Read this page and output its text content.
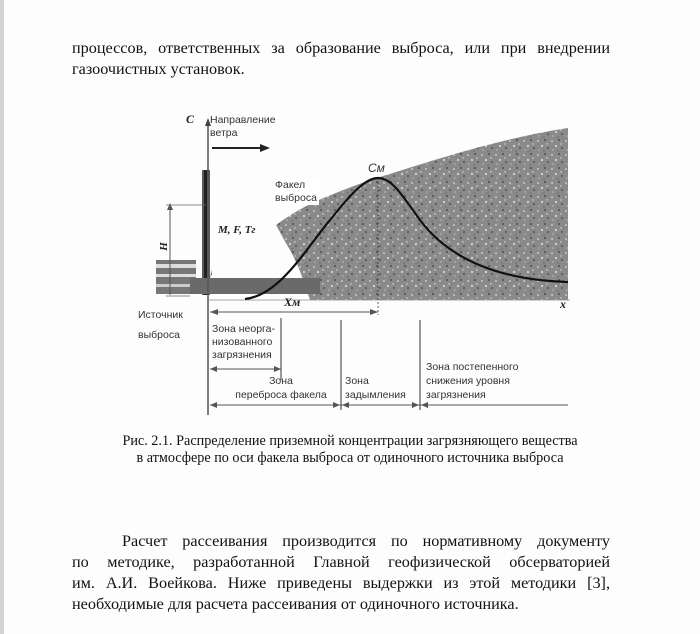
процессов, ответственных за образование выброса, или при внедрении
газоочистных установок.
C Направление
ветра
Факел
выброса
M, F, Tг
Cм
Xм
H
x
Источник
выброса	Зона неорга-
низованного
загрязнения
Зона
переброса факела
Зона
задымления
Зона постепенного
снижения уровня
загрязнения
Рис. 2.1. Распределение приземной концентрации загрязняющего вещества
в атмосфере по оси факела выброса от одиночного источника выброса
Расчет рассеивания производится по нормативному документу
по методике, разработанной Главной геофизической обсерваторией
им. А.И. Воейкова. Ниже приведены выдержки из этой методики [3],
необходимые для расчета рассеивания от одиночного источника.
